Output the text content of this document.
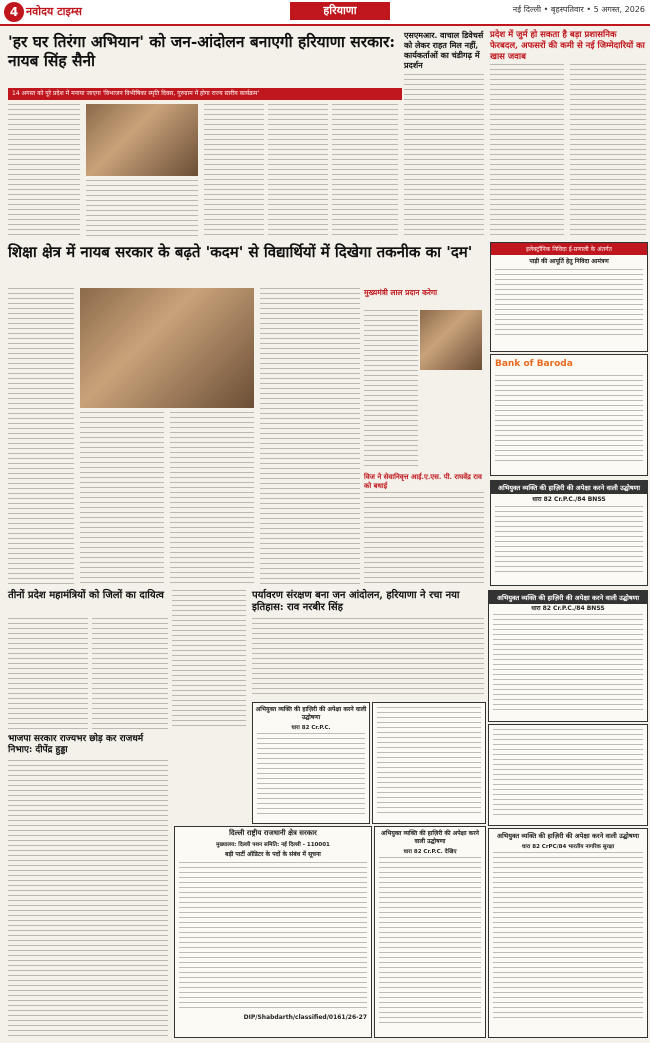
4 नवोदय टाइम्स	हरियाणा	नई दिल्ली • बृहस्पतिवार • 5 अगस्त, 2026
'हर घर तिरंगा अभियान' को जन-आंदोलन बनाएगी हरियाणा सरकार: नायब सिंह सैनी
14 अगस्त को पूरे प्रदेश में मनाया जाएगा 'विभाजन विभीषिका स्मृति दिवस, गुरुग्राम में होगा राज्य स्तरीय कार्यक्रम'
एसएमआर. वाचाल डिवेचर्स को लेकर राहत मिल नहीं, कार्यकर्ताओं का चंडीगढ़ में प्रदर्शन
प्रदेश में जुर्म हो सकता है बड़ा प्रशासनिक फेरबदल, अफसरों की कमी से नई जिम्मेदारियों का खास जवाब
शिक्षा क्षेत्र में नायब सरकार के बढ़ते 'कदम' से विद्यार्थियों में दिखेगा तकनीक का 'दम'
मुख्यमंत्री लाल प्रदान करेगा
विज ने सेवानिवृत्त आई.ए.एस. पी. राघवेंद्र राव को बधाई
इलेक्ट्रॉनिक निविदा ई-प्रणाली के अंतर्गत
पाड़ी की आपूर्ति हेतु निविदा आमंत्रण
Bank of Baroda
अभियुक्त व्यक्ति की हाज़िरी की अपेक्षा करने वाली उद्घोषणा
धारा 82 Cr.P.C./84 BNSS
तीनों प्रदेश महामंत्रियों को जिलों का दायित्व
भाजपा सरकार राज्यभर छोड़ कर राजधर्म निभाए: दीपेंद्र हुड्डा
पर्यावरण संरक्षण बना जन आंदोलन, हरियाणा ने रचा नया इतिहास: राव नरबीर सिंह
अभियुक्त व्यक्ति की हाज़िरी की अपेक्षा करने वाली उद्घोषणा
धारा 82 Cr.P.C.
दिल्ली राष्ट्रीय राजधानी क्षेत्र सरकार
मुख्यालय: दिल्ली पशन समिति: नई दिल्ली - 110001
बड़ी पार्टी ऑडिटर के पदों के संबंध में सूचना
DIP/Shabdarth/classified/0161/26-27
अभियुक्त व्यक्ति की हाज़िरी की अपेक्षा करने वाली उद्घोषणा
धारा 82 Cr.P.C./84 BNSS
अभियुक्त व्यक्ति की हाज़िरी की अपेक्षा करने वाली उद्घोषणा
धारा 82 Cr.P.C. देखिए
अभियुक्त व्यक्ति की हाज़िरी की अपेक्षा करने वाली उद्घोषणा
धारा 82 CrPC/84 भारतीय नागरिक सुरक्षा
